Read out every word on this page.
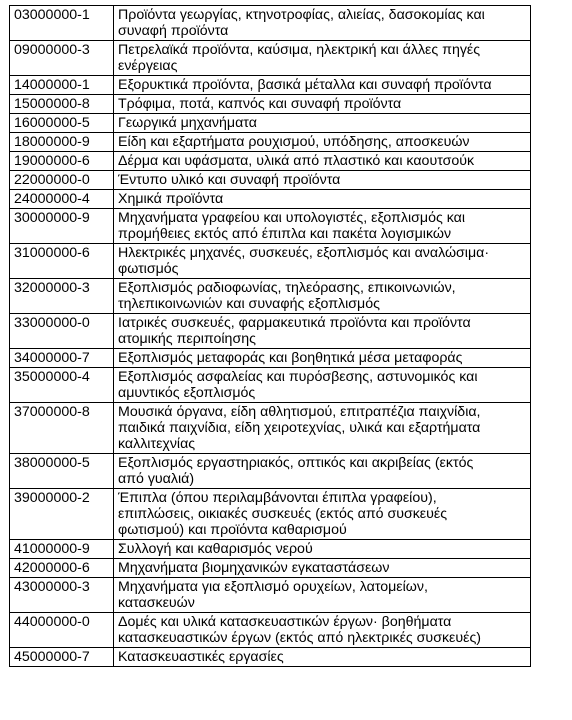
03000000-1	Προϊόντα γεωργίας, κτηνοτροφίας, αλιείας, δασοκομίας και
συναφή προϊόντα

09000000-3	Πετρελαϊκά προϊόντα, καύσιμα, ηλεκτρική και άλλες πηγές
ενέργειας

14000000-1	Εξορυκτικά προϊόντα, βασικά μέταλλα και συναφή προϊόντα

15000000-8	Τρόφιμα, ποτά, καπνός και συναφή προϊόντα

16000000-5	Γεωργικά μηχανήματα

18000000-9	Είδη και εξαρτήματα ρουχισμού, υπόδησης, αποσκευών

19000000-6	Δέρμα και υφάσματα, υλικά από πλαστικό και καουτσούκ

22000000-0	Έντυπο υλικό και συναφή προϊόντα

24000000-4	Χημικά προϊόντα

30000000-9	Μηχανήματα γραφείου και υπολογιστές, εξοπλισμός και
προμήθειες εκτός από έπιπλα και πακέτα λογισμικών

31000000-6	Ηλεκτρικές μηχανές, συσκευές, εξοπλισμός και αναλώσιμα·
φωτισμός

32000000-3	Εξοπλισμός ραδιοφωνίας, τηλεόρασης, επικοινωνιών,
τηλεπικοινωνιών και συναφής εξοπλισμός

33000000-0	Ιατρικές συσκευές, φαρμακευτικά προϊόντα και προϊόντα
ατομικής περιποίησης

34000000-7	Εξοπλισμός μεταφοράς και βοηθητικά μέσα μεταφοράς

35000000-4	Εξοπλισμός ασφαλείας και πυρόσβεσης, αστυνομικός και
αμυντικός εξοπλισμός

37000000-8	Μουσικά όργανα, είδη αθλητισμού, επιτραπέζια παιχνίδια,
παιδικά παιχνίδια, είδη χειροτεχνίας, υλικά και εξαρτήματα
καλλιτεχνίας

38000000-5	Εξοπλισμός εργαστηριακός, οπτικός και ακριβείας (εκτός
από γυαλιά)

39000000-2	Έπιπλα (όπου περιλαμβάνονται έπιπλα γραφείου),
επιπλώσεις, οικιακές συσκευές (εκτός από συσκευές
φωτισμού) και προϊόντα καθαρισμού

41000000-9	Συλλογή και καθαρισμός νερού

42000000-6	Μηχανήματα βιομηχανικών εγκαταστάσεων

43000000-3	Μηχανήματα για εξοπλισμό ορυχείων, λατομείων,
κατασκευών

44000000-0	Δομές και υλικά κατασκευαστικών έργων· βοηθήματα
κατασκευαστικών έργων (εκτός από ηλεκτρικές συσκευές)

45000000-7	Κατασκευαστικές εργασίες
